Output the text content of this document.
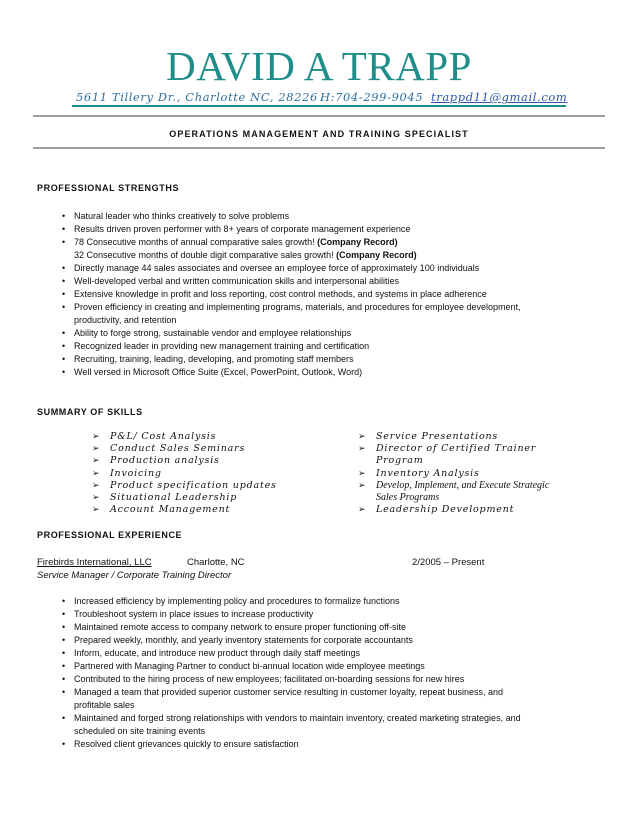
DAVID A TRAPP
5611 Tillery Dr., Charlotte NC, 28226 H:704-299-9045 trappd11@gmail.com
OPERATIONS MANAGEMENT AND TRAINING SPECIALIST
PROFESSIONAL STRENGTHS
• Natural leader who thinks creatively to solve problems
• Results driven proven performer with 8+ years of corporate management experience
• 78 Consecutive months of annual comparative sales growth! (Company Record)
32 Consecutive months of double digit comparative sales growth! (Company Record)
• Directly manage 44 sales associates and oversee an employee force of approximately 100 individuals
• Well-developed verbal and written communication skills and interpersonal abilities
• Extensive knowledge in profit and loss reporting, cost control methods, and systems in place adherence
• Proven efficiency in creating and implementing programs, materials, and procedures for employee development,
productivity, and retention
• Ability to forge strong, sustainable vendor and employee relationships
• Recognized leader in providing new management training and certification
• Recruiting, training, leading, developing, and promoting staff members
• Well versed in Microsoft Office Suite (Excel, PowerPoint, Outlook, Word)
SUMMARY OF SKILLS
➢ P&L/ Cost Analysis
➢ Conduct Sales Seminars
➢ Production analysis
➢ Invoicing
➢ Product specification updates
➢ Situational Leadership
➢ Account Management
➢ Service Presentations
➢ Director of Certified Trainer
Program
➢ Inventory Analysis
➢ Develop, Implement, and Execute Strategic
Sales Programs
➢ Leadership Development
PROFESSIONAL EXPERIENCE
Firebirds International, LLC	Charlotte, NC	2/2005 – Present
Service Manager / Corporate Training Director
• Increased efficiency by implementing policy and procedures to formalize functions
• Troubleshoot system in place issues to increase productivity
• Maintained remote access to company network to ensure proper functioning off-site
• Prepared weekly, monthly, and yearly inventory statements for corporate accountants
• Inform, educate, and introduce new product through daily staff meetings
• Partnered with Managing Partner to conduct bi-annual location wide employee meetings
• Contributed to the hiring process of new employees; facilitated on-boarding sessions for new hires
• Managed a team that provided superior customer service resulting in customer loyalty, repeat business, and
profitable sales
• Maintained and forged strong relationships with vendors to maintain inventory, created marketing strategies, and
scheduled on site training events
• Resolved client grievances quickly to ensure satisfaction
